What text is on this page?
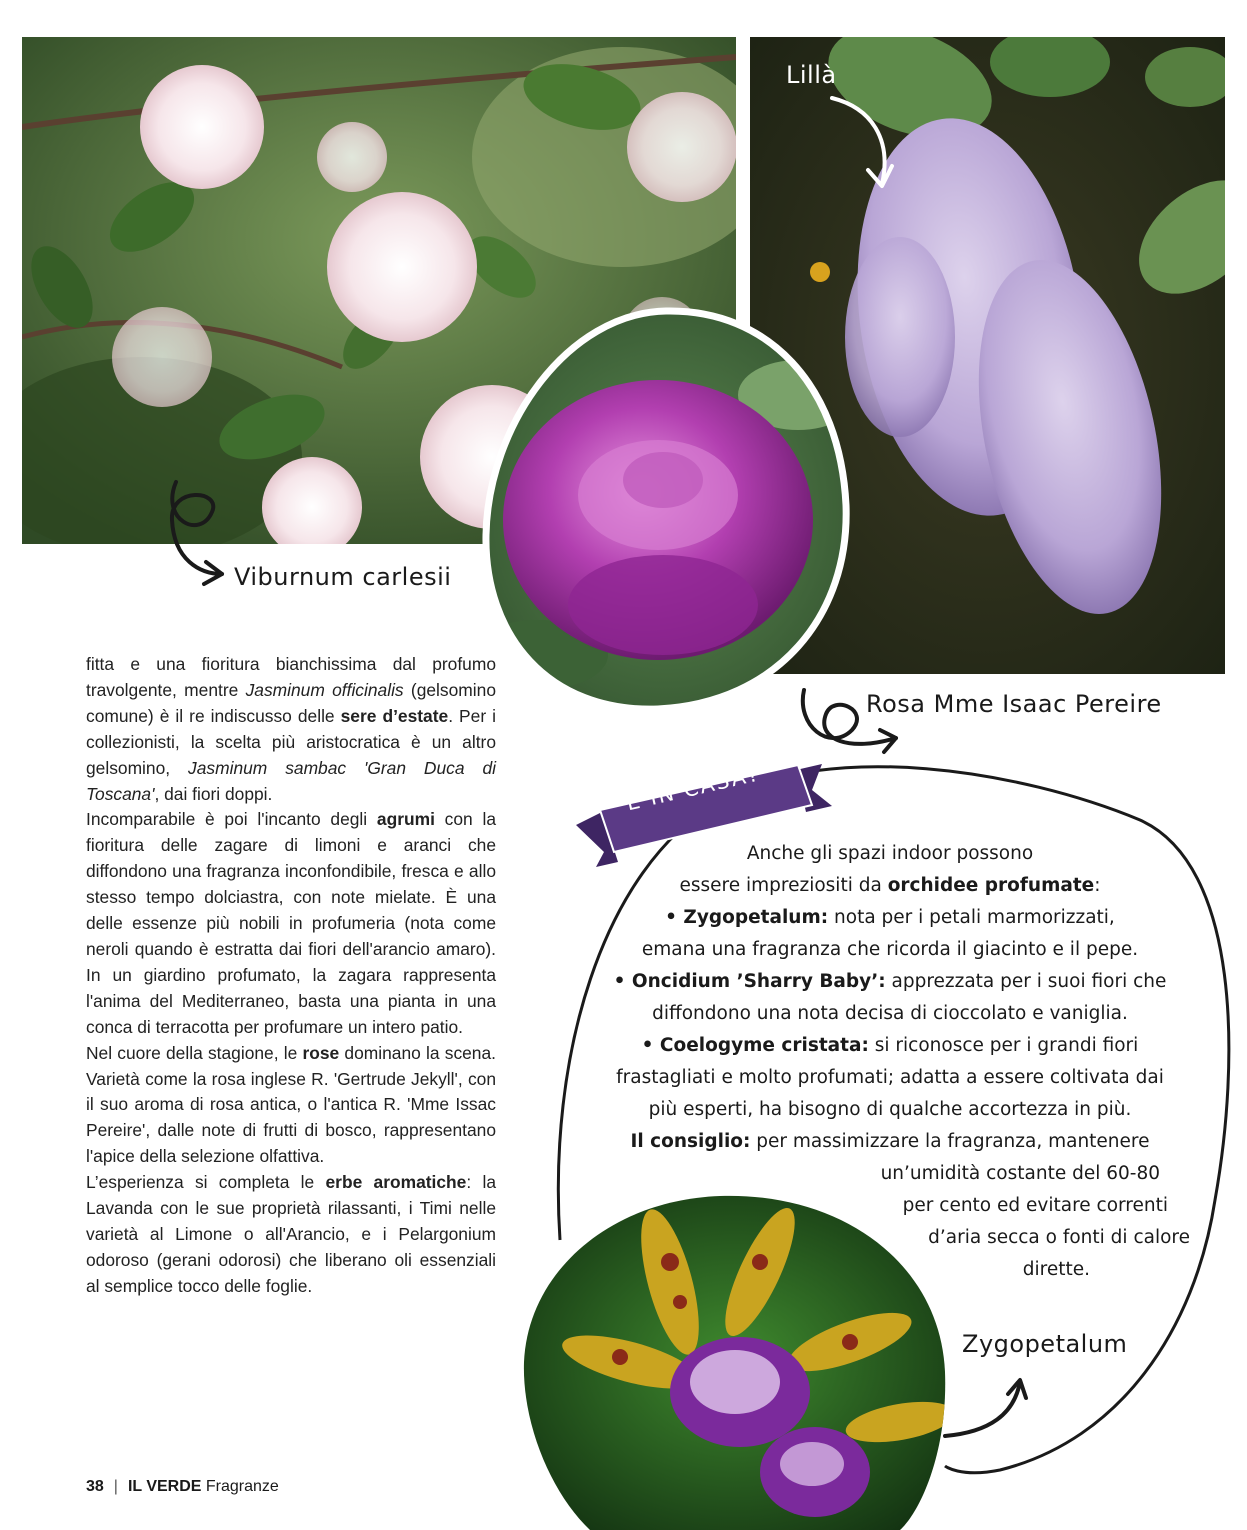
E IN CASA?
Viburnum carlesii
Lillà
Rosa Mme Isaac Pereire
Zygopetalum

fitta e una fioritura bianchissima dal profumo travolgente, mentre Jasminum officinalis (gelsomino comune) è il re indiscusso delle sere d’estate. Per i collezionisti, la scelta più aristocratica è un altro gelsomino, Jasminum sambac 'Gran Duca di Toscana', dai fiori doppi.

Incomparabile è poi l'incanto degli agrumi con la fioritura delle zagare di limoni e aranci che diffondono una fragranza inconfondibile, fresca e allo stesso tempo dolciastra, con note mielate. È una delle essenze più nobili in profumeria (nota come neroli quando è estratta dai fiori dell'arancio amaro). In un giardino profumato, la zagara rappresenta l'anima del Mediterraneo, basta una pianta in una conca di terracotta per profumare un intero patio.

Nel cuore della stagione, le rose dominano la scena. Varietà come la rosa inglese R. 'Gertrude Jekyll', con il suo aroma di rosa antica, o l'antica R. 'Mme Issac Pereire', dalle note di frutti di bosco, rappresentano l'apice della selezione olfattiva.

L’esperienza si completa le erbe aromatiche: la Lavanda con le sue proprietà rilassanti, i Timi nelle varietà al Limone o all'Arancio, e i Pelargonium odoroso (gerani odorosi) che liberano oli essenziali al semplice tocco delle foglie.

Anche gli spazi indoor possono

essere impreziositi da orchidee profumate:

• Zygopetalum: nota per i petali marmorizzati,

emana una fragranza che ricorda il giacinto e il pepe.

• Oncidium ’Sharry Baby’: apprezzata per i suoi fiori che

diffondono una nota decisa di cioccolato e vaniglia.

• Coelogyme cristata: si riconosce per i grandi fiori

frastagliati e molto profumati; adatta a essere coltivata dai

più esperti, ha bisogno di qualche accortezza in più.

Il consiglio: per massimizzare la fragranza, mantenere

un’umidità costante del 60-80

per cento ed evitare correnti

d’aria secca o fonti di calore

dirette.

38 | IL VERDE Fragranze
